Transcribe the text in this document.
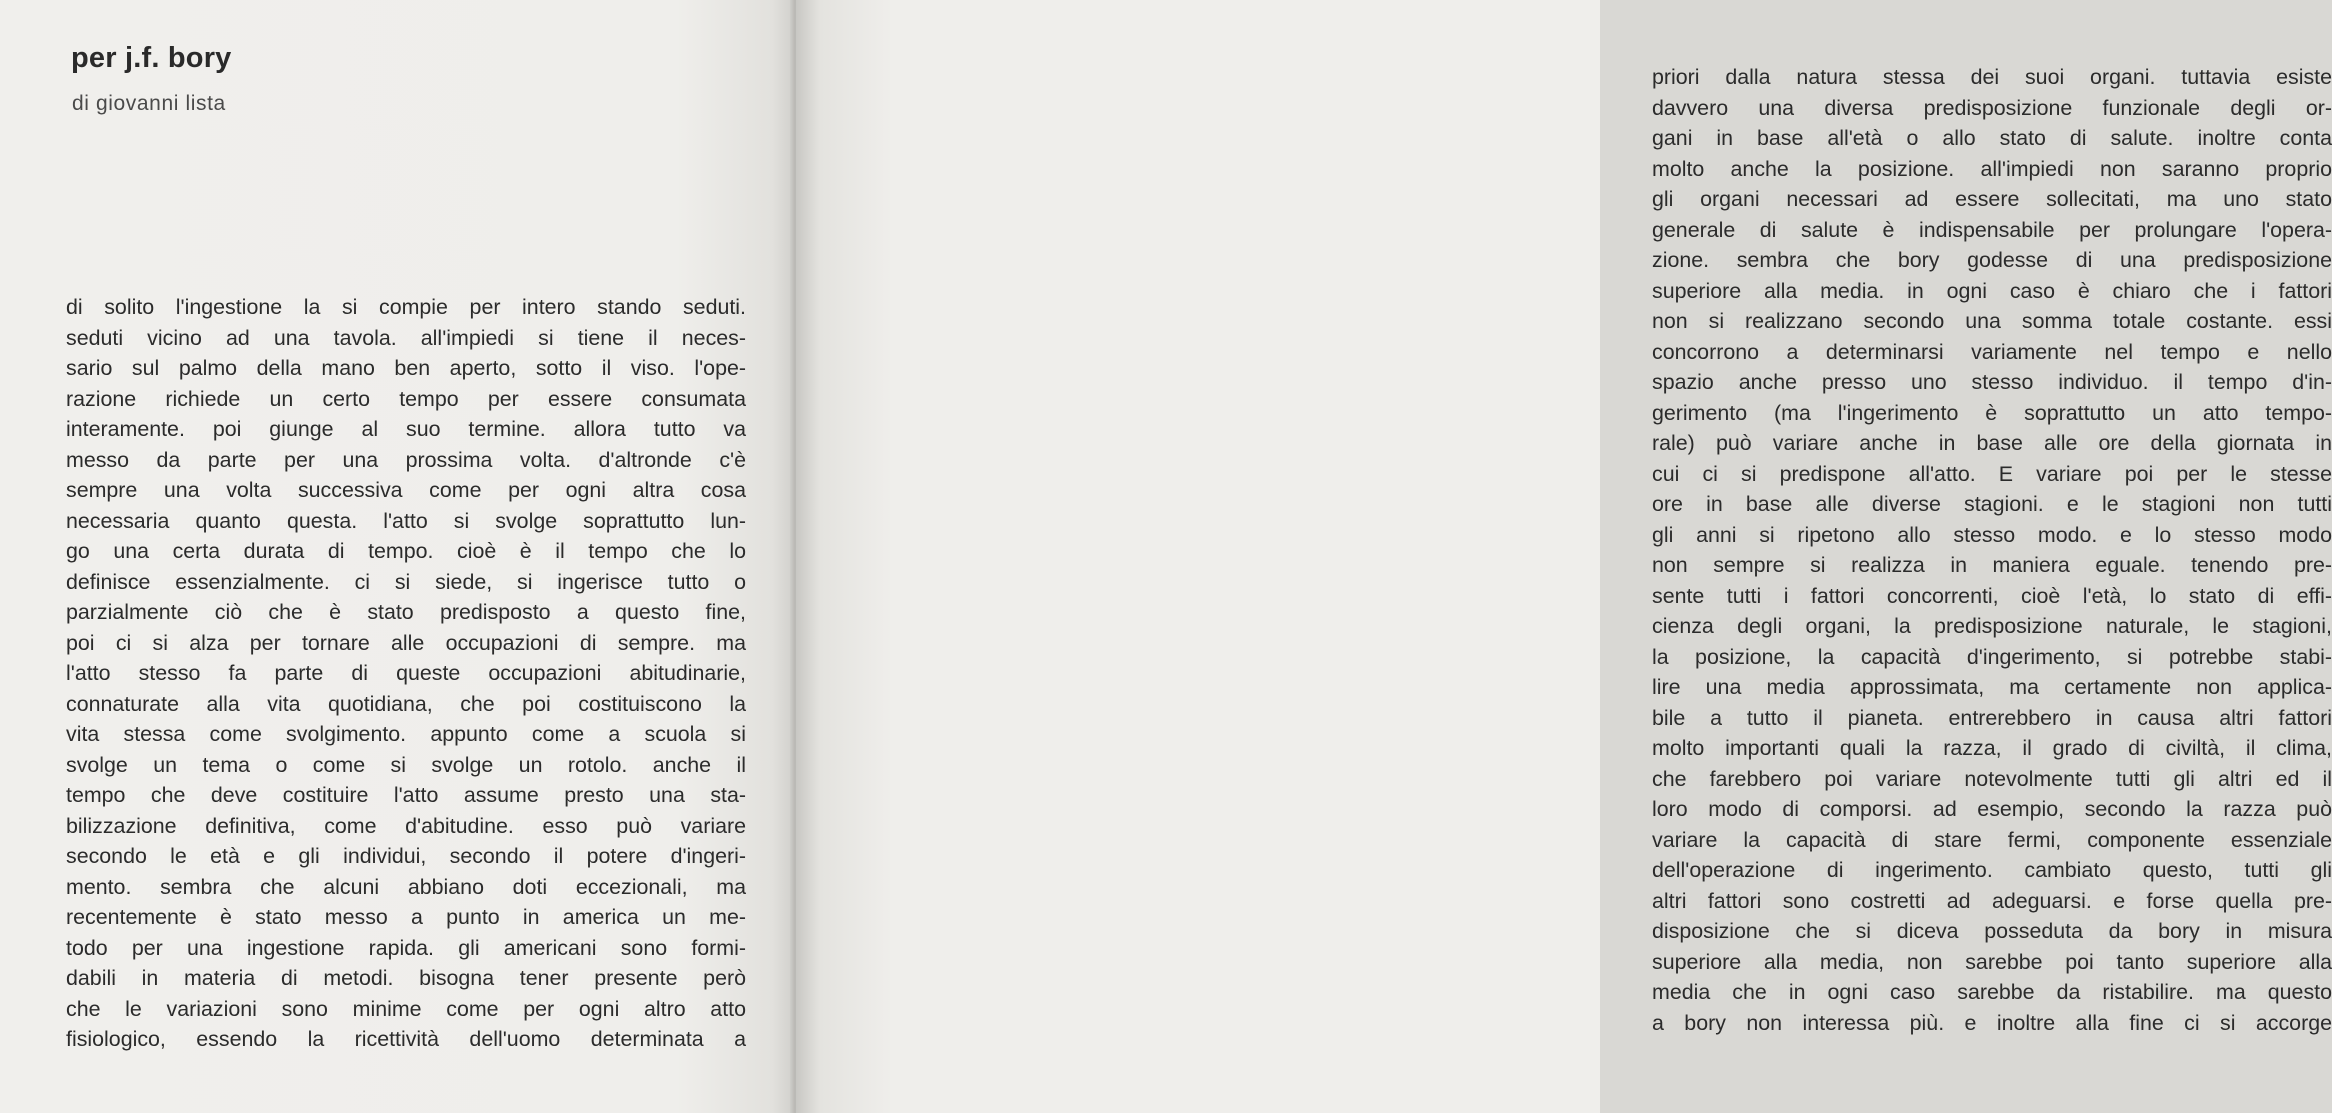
per j.f. bory

di giovanni lista

di solito l'ingestione la si compie per intero stando seduti.
seduti vicino ad una tavola. all'impiedi si tiene il neces-
sario sul palmo della mano ben aperto, sotto il viso. l'ope-
razione richiede un certo tempo per essere consumata
interamente. poi giunge al suo termine. allora tutto va
messo da parte per una prossima volta. d'altronde c'è
sempre una volta successiva come per ogni altra cosa
necessaria quanto questa. l'atto si svolge soprattutto lun-
go una certa durata di tempo. cioè è il tempo che lo
definisce essenzialmente. ci si siede, si ingerisce tutto o
parzialmente ciò che è stato predisposto a questo fine,
poi ci si alza per tornare alle occupazioni di sempre. ma
l'atto stesso fa parte di queste occupazioni abitudinarie,
connaturate alla vita quotidiana, che poi costituiscono la
vita stessa come svolgimento. appunto come a scuola si
svolge un tema o come si svolge un rotolo. anche il
tempo che deve costituire l'atto assume presto una sta-
bilizzazione definitiva, come d'abitudine. esso può variare
secondo le età e gli individui, secondo il potere d'ingeri-
mento. sembra che alcuni abbiano doti eccezionali, ma
recentemente è stato messo a punto in america un me-
todo per una ingestione rapida. gli americani sono formi-
dabili in materia di metodi. bisogna tener presente però
che le variazioni sono minime come per ogni altro atto
fisiologico, essendo la ricettività dell'uomo determinata a
priori dalla natura stessa dei suoi organi. tuttavia esiste
davvero una diversa predisposizione funzionale degli or-
gani in base all'età o allo stato di salute. inoltre conta
molto anche la posizione. all'impiedi non saranno proprio
gli organi necessari ad essere sollecitati, ma uno stato
generale di salute è indispensabile per prolungare l'opera-
zione. sembra che bory godesse di una predisposizione
superiore alla media. in ogni caso è chiaro che i fattori
non si realizzano secondo una somma totale costante. essi
concorrono a determinarsi variamente nel tempo e nello
spazio anche presso uno stesso individuo. il tempo d'in-
gerimento (ma l'ingerimento è soprattutto un atto tempo-
rale) può variare anche in base alle ore della giornata in
cui ci si predispone all'atto. E variare poi per le stesse
ore in base alle diverse stagioni. e le stagioni non tutti
gli anni si ripetono allo stesso modo. e lo stesso modo
non sempre si realizza in maniera eguale. tenendo pre-
sente tutti i fattori concorrenti, cioè l'età, lo stato di effi-
cienza degli organi, la predisposizione naturale, le stagioni,
la posizione, la capacità d'ingerimento, si potrebbe stabi-
lire una media approssimata, ma certamente non applica-
bile a tutto il pianeta. entrerebbero in causa altri fattori
molto importanti quali la razza, il grado di civiltà, il clima,
che farebbero poi variare notevolmente tutti gli altri ed il
loro modo di comporsi. ad esempio, secondo la razza può
variare la capacità di stare fermi, componente essenziale
dell'operazione di ingerimento. cambiato questo, tutti gli
altri fattori sono costretti ad adeguarsi. e forse quella pre-
disposizione che si diceva posseduta da bory in misura
superiore alla media, non sarebbe poi tanto superiore alla
media che in ogni caso sarebbe da ristabilire. ma questo
a bory non interessa più. e inoltre alla fine ci si accorge
